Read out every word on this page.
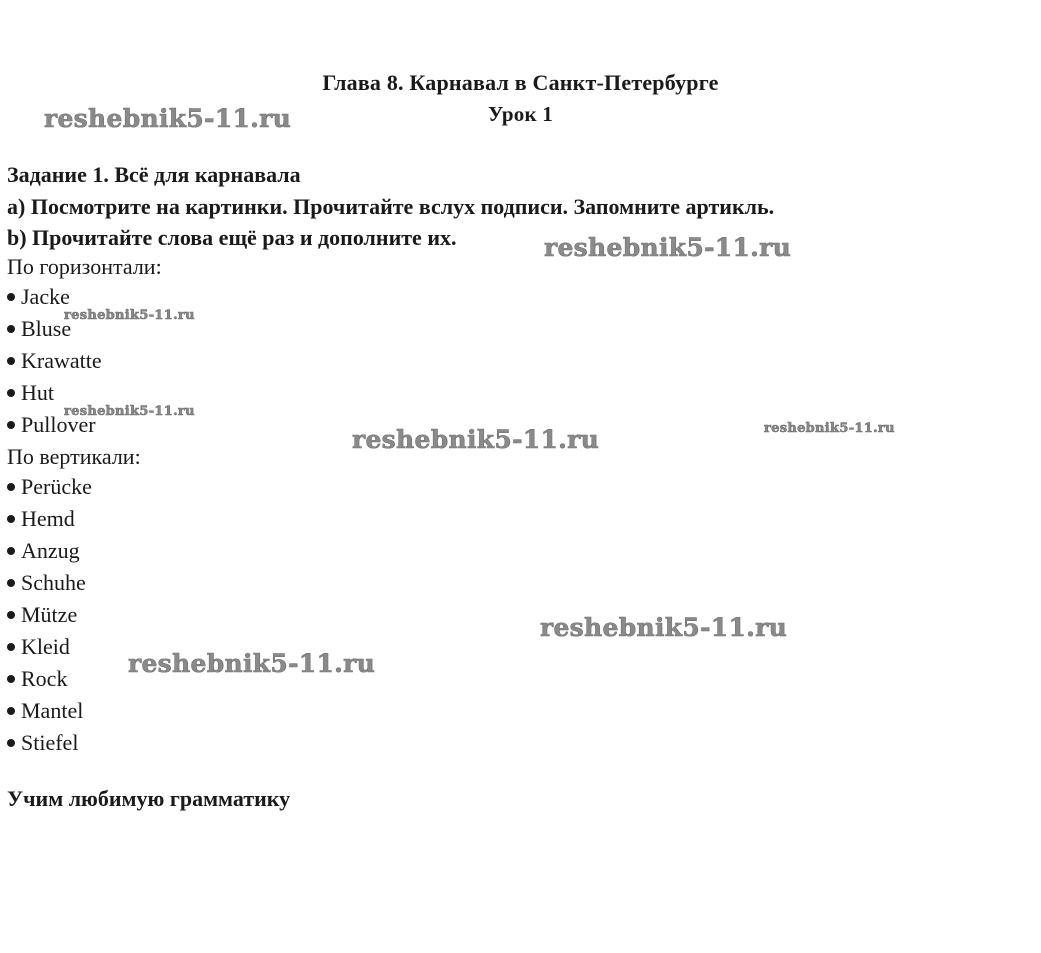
Глава 8. Карнавал в Санкт-Петербурге
Урок 1
Задание 1. Всё для карнавала
a) Посмотрите на картинки. Прочитайте вслух подписи. Запомните артикль.
b) Прочитайте слова ещё раз и дополните их.
По горизонтали:
Jacke
Bluse
Krawatte
Hut
Pullover
По вертикали:
Perücke
Hemd
Anzug
Schuhe
Mütze
Kleid
Rock
Mantel
Stiefel
Учим любимую грамматику
reshebnik5-11.ru
reshebnik5-11.ru
reshebnik5-11.ru
reshebnik5-11.ru
reshebnik5-11.ru	reshebnik5-11.ru
reshebnik5-11.ru
reshebnik5-11.ru
